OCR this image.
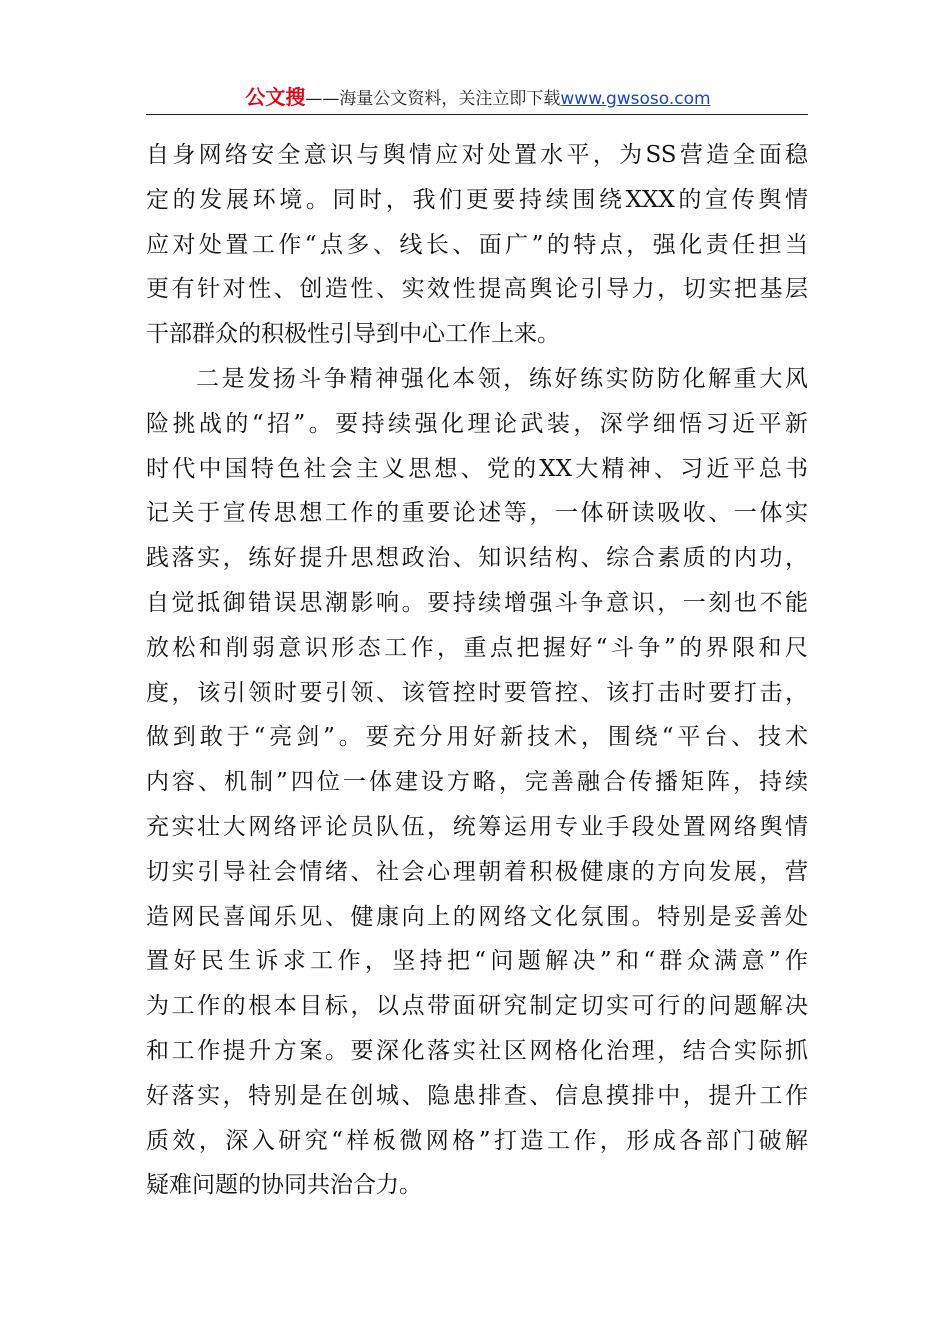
公文搜——海量公文资料，关注立即下载www.gwsoso.com
自身网络安全意识与舆情应对处置水平，为SS营造全面稳
定的发展环境。同时，我们更要持续围绕XXX的宣传舆情
应对处置工作“点多、线长、面广”的特点，强化责任担当
更有针对性、创造性、实效性提高舆论引导力，切实把基层
干部群众的积极性引导到中心工作上来。
二是发扬斗争精神强化本领，练好练实防防化解重大风
险挑战的“招”。要持续强化理论武装，深学细悟习近平新
时代中国特色社会主义思想、党的XX大精神、习近平总书
记关于宣传思想工作的重要论述等，一体研读吸收、一体实
践落实，练好提升思想政治、知识结构、综合素质的内功，
自觉抵御错误思潮影响。要持续增强斗争意识，一刻也不能
放松和削弱意识形态工作，重点把握好“斗争”的界限和尺
度，该引领时要引领、该管控时要管控、该打击时要打击，
做到敢于“亮剑”。要充分用好新技术，围绕“平台、技术
内容、机制”四位一体建设方略，完善融合传播矩阵，持续
充实壮大网络评论员队伍，统筹运用专业手段处置网络舆情
切实引导社会情绪、社会心理朝着积极健康的方向发展，营
造网民喜闻乐见、健康向上的网络文化氛围。特别是妥善处
置好民生诉求工作，坚持把“问题解决”和“群众满意”作
为工作的根本目标，以点带面研究制定切实可行的问题解决
和工作提升方案。要深化落实社区网格化治理，结合实际抓
好落实，特别是在创城、隐患排查、信息摸排中，提升工作
质效，深入研究“样板微网格”打造工作，形成各部门破解
疑难问题的协同共治合力。
